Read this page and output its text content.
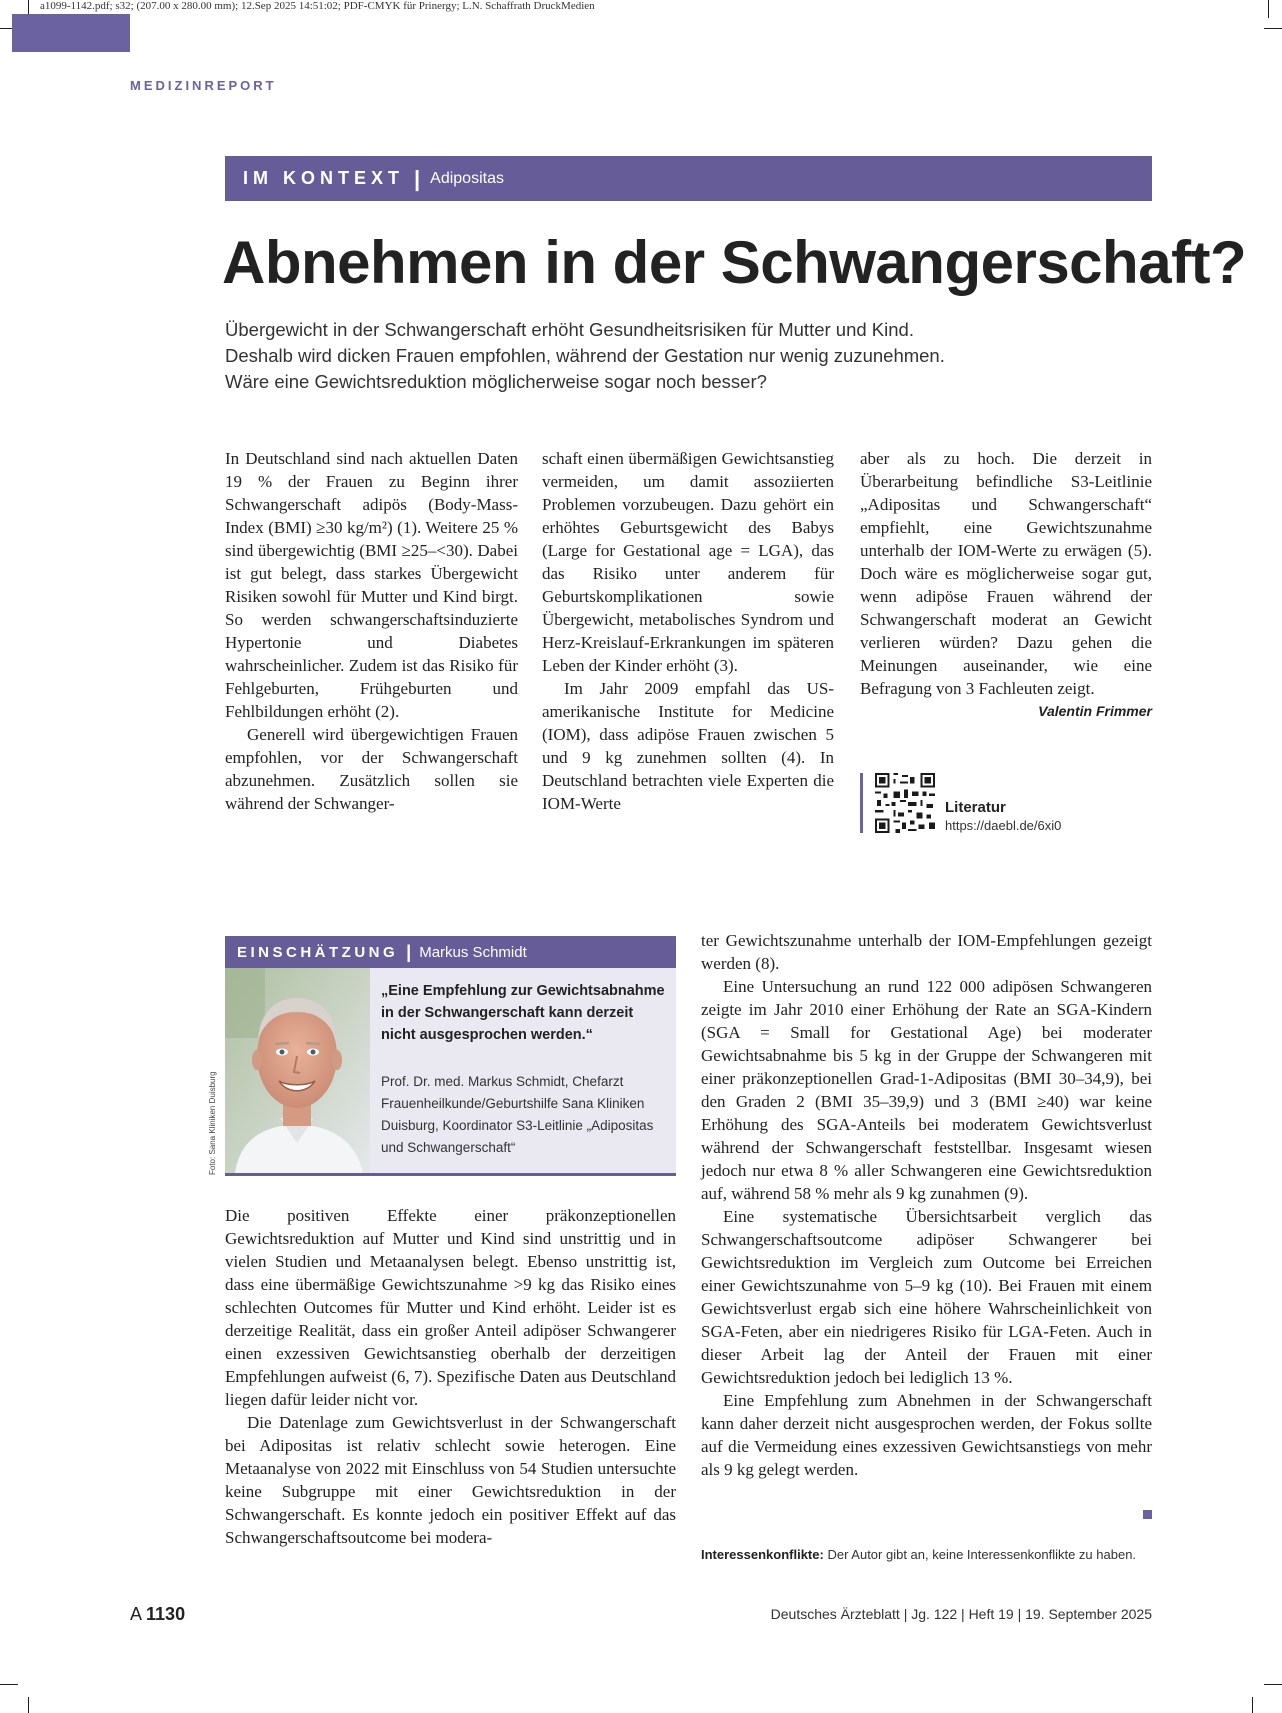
a1099-1142.pdf; s32; (207.00 x 280.00 mm); 12.Sep 2025 14:51:02; PDF-CMYK für Prinergy; L.N. Schaffrath DruckMedien
MEDIZINREPORT
IM KONTEXT | Adipositas
Abnehmen in der Schwangerschaft?
Übergewicht in der Schwangerschaft erhöht Gesundheitsrisiken für Mutter und Kind.
Deshalb wird dicken Frauen empfohlen, während der Gestation nur wenig zuzunehmen.
Wäre eine Gewichtsreduktion möglicherweise sogar noch besser?

In Deutschland sind nach aktuellen Daten 19 % der Frauen zu Beginn ihrer Schwangerschaft adipös (Body-Mass-Index (BMI) ≥30 kg/m²) (1). Weitere 25 % sind übergewichtig (BMI ≥25–<30). Dabei ist gut belegt, dass starkes Übergewicht Risiken sowohl für Mutter und Kind birgt. So werden schwangerschaftsinduzierte Hypertonie und Diabetes wahrscheinlicher. Zudem ist das Risiko für Fehlgeburten, Frühgeburten und Fehlbildungen erhöht (2).

Generell wird übergewichtigen Frauen empfohlen, vor der Schwangerschaft abzunehmen. Zusätzlich sollen sie während der Schwanger-

schaft einen übermäßigen Gewichtsanstieg vermeiden, um damit assoziierten Problemen vorzubeugen. Dazu gehört ein erhöhtes Geburtsgewicht des Babys (Large for Gestational age = LGA), das das Risiko unter anderem für Geburtskomplikationen sowie Übergewicht, metabolisches Syndrom und Herz-Kreislauf-Erkrankungen im späteren Leben der Kinder erhöht (3).

Im Jahr 2009 empfahl das US-amerikanische Institute for Medicine (IOM), dass adipöse Frauen zwischen 5 und 9 kg zunehmen sollten (4). In Deutschland betrachten viele Experten die IOM-Werte

aber als zu hoch. Die derzeit in Überarbeitung befindliche S3-Leitlinie „Adipositas und Schwangerschaft“ empfiehlt, eine Gewichtszunahme unterhalb der IOM-Werte zu erwägen (5). Doch wäre es möglicherweise sogar gut, wenn adipöse Frauen während der Schwangerschaft moderat an Gewicht verlieren würden? Dazu gehen die Meinungen auseinander, wie eine Befragung von 3 Fachleuten zeigt.
Valentin Frimmer

Literatur
https://daebl.de/6xi0
EINSCHÄTZUNG | Markus Schmidt
Foto: Sana Kliniken Duisburg
„Eine Empfehlung zur Gewichtsabnahme in der Schwangerschaft kann derzeit nicht ausgesprochen werden.“
Prof. Dr. med. Markus Schmidt, Chefarzt Frauenheilkunde/Geburtshilfe Sana Kliniken Duisburg, Koordinator S3-Leitlinie „Adipositas und Schwangerschaft“

Die positiven Effekte einer präkonzeptionellen Gewichtsreduktion auf Mutter und Kind sind unstrittig und in vielen Studien und Metaanalysen belegt. Ebenso unstrittig ist, dass eine übermäßige Gewichtszunahme >9 kg das Risiko eines schlechten Outcomes für Mutter und Kind erhöht. Leider ist es derzeitige Realität, dass ein großer Anteil adipöser Schwangerer einen exzessiven Gewichtsanstieg oberhalb der derzeitigen Empfehlungen aufweist (6, 7). Spezifische Daten aus Deutschland liegen dafür leider nicht vor.

Die Datenlage zum Gewichtsverlust in der Schwangerschaft bei Adipositas ist relativ schlecht sowie heterogen. Eine Metaanalyse von 2022 mit Einschluss von 54 Studien untersuchte keine Subgruppe mit einer Gewichtsreduktion in der Schwangerschaft. Es konnte jedoch ein positiver Effekt auf das Schwangerschaftsoutcome bei modera-

ter Gewichtszunahme unterhalb der IOM-Empfehlungen gezeigt werden (8).

Eine Untersuchung an rund 122 000 adipösen Schwangeren zeigte im Jahr 2010 einer Erhöhung der Rate an SGA-Kindern (SGA = Small for Gestational Age) bei moderater Gewichtsabnahme bis 5 kg in der Gruppe der Schwangeren mit einer präkonzeptionellen Grad-1-Adipositas (BMI 30–34,9), bei den Graden 2 (BMI 35–39,9) und 3 (BMI ≥40) war keine Erhöhung des SGA-Anteils bei moderatem Gewichtsverlust während der Schwangerschaft feststellbar. Insgesamt wiesen jedoch nur etwa 8 % aller Schwangeren eine Gewichtsreduktion auf, während 58 % mehr als 9 kg zunahmen (9).

Eine systematische Übersichtsarbeit verglich das Schwangerschaftsoutcome adipöser Schwangerer bei Gewichtsreduktion im Vergleich zum Outcome bei Erreichen einer Gewichtszunahme von 5–9 kg (10). Bei Frauen mit einem Gewichtsverlust ergab sich eine höhere Wahrscheinlichkeit von SGA-Feten, aber ein niedrigeres Risiko für LGA-Feten. Auch in dieser Arbeit lag der Anteil der Frauen mit einer Gewichtsreduktion jedoch bei lediglich 13 %.

Eine Empfehlung zum Abnehmen in der Schwangerschaft kann daher derzeit nicht ausgesprochen werden, der Fokus sollte auf die Vermeidung eines exzessiven Gewichtsanstiegs von mehr als 9 kg gelegt werden.

Interessenkonflikte: Der Autor gibt an, keine Interessenkonflikte zu haben.
A 1130	Deutsches Ärzteblatt | Jg. 122 | Heft 19 | 19. September 2025
